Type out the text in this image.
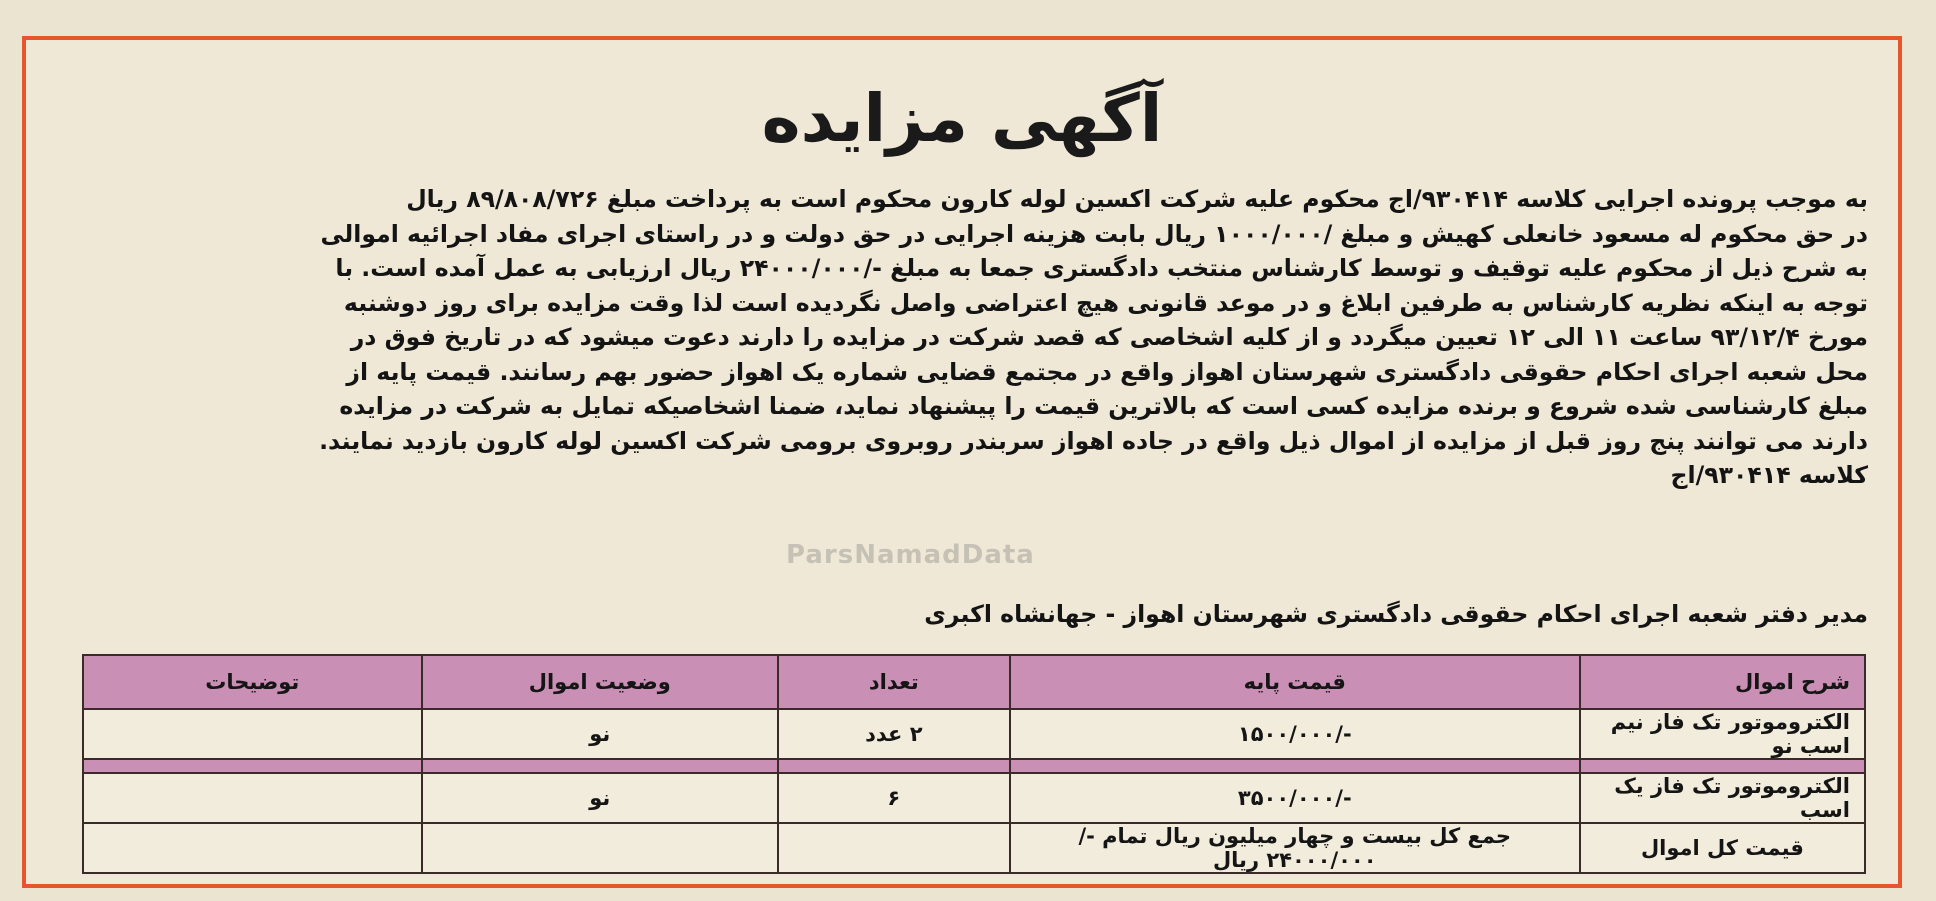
آگهی مزایده

به موجب پرونده اجرایی کلاسه ۹۳۰۴۱۴/اج محکوم علیه شرکت اکسین لوله کارون محکوم است به پرداخت مبلغ ۸۹/۸۰۸/۷۲۶ ریال

در حق محکوم له مسعود خانعلی کهیش و مبلغ /۱۰۰۰/۰۰۰ ریال بابت هزینه اجرایی در حق دولت و در راستای اجرای مفاد اجرائیه اموالی

به شرح ذیل از محکوم علیه توقیف و توسط کارشناس منتخب دادگستری جمعا به مبلغ -/۲۴۰۰۰/۰۰۰ ریال ارزیابی به عمل آمده است. با

توجه به اینکه نظریه کارشناس به طرفین ابلاغ و در موعد قانونی هیچ اعتراضی واصل نگردیده است لذا وقت مزایده برای روز دوشنبه

مورخ ۹۳/۱۲/۴ ساعت ۱۱ الی ۱۲ تعیین میگردد و از کلیه اشخاصی که قصد شرکت در مزایده را دارند دعوت میشود که در تاریخ فوق در

محل شعبه اجرای احکام حقوقی دادگستری شهرستان اهواز واقع در مجتمع قضایی شماره یک اهواز حضور بهم رسانند. قیمت پایه از

مبلغ کارشناسی شده شروع و برنده مزایده کسی است که بالاترین قیمت را پیشنهاد نماید، ضمنا اشخاصیکه تمایل به شرکت در مزایده

دارند می توانند پنج روز قبل از مزایده از اموال ذیل واقع در جاده اهواز سربندر روبروی برومی شرکت اکسین لوله کارون بازدید نمایند.

کلاسه ۹۳۰۴۱۴/اج

ParsNamadData
مدیر دفتر شعبه اجرای احکام حقوقی دادگستری شهرستان اهواز - جهانشاه اکبری
شرح اموال	قیمت پایه	تعداد	وضعیت اموال	توضیحات
الکتروموتور تک فاز نیم اسب نو	-/۱۵۰۰/۰۰۰	۲ عدد	نو	

الکتروموتور تک فاز یک اسب	-/۳۵۰۰/۰۰۰	۶	نو	
قیمت کل اموال	جمع کل بیست و چهار میلیون ریال تمام -/۲۴۰۰۰/۰۰۰ ریال			
